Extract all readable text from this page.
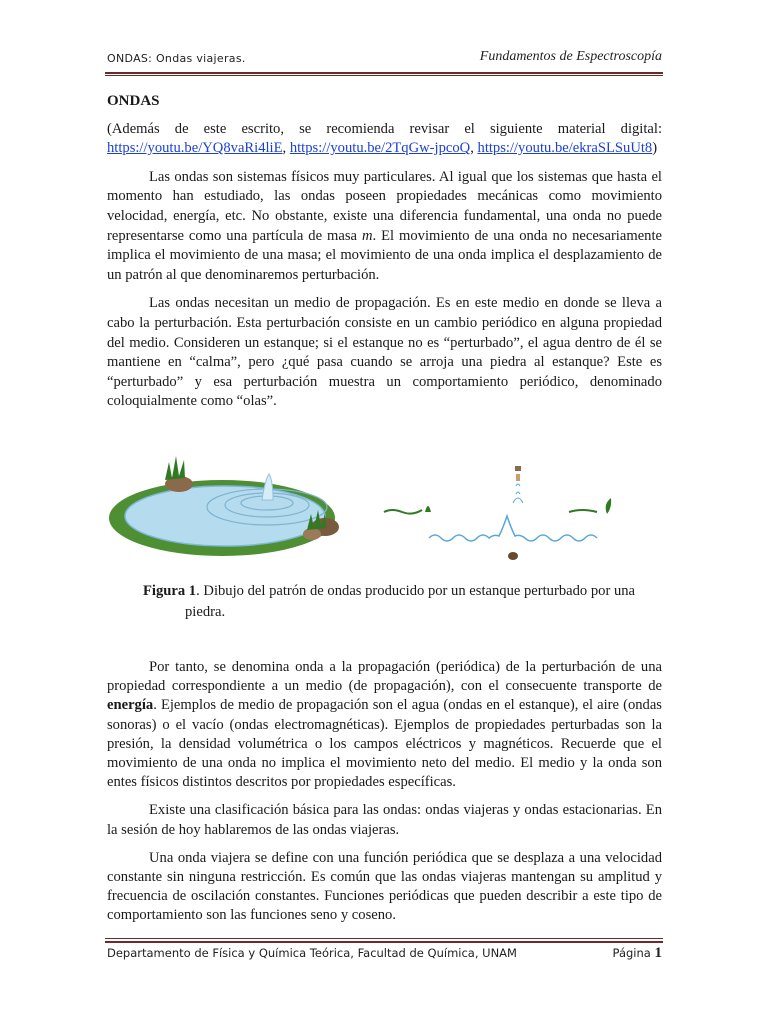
ONDAS: Ondas viajeras.	Fundamentos de Espectroscopía
ONDAS

(Además de este escrito, se recomienda revisar el siguiente material digital: https://youtu.be/YQ8vaRi4liE, https://youtu.be/2TqGw-jpcoQ, https://youtu.be/ekraSLSuUt8)

Las ondas son sistemas físicos muy particulares. Al igual que los sistemas que hasta el momento han estudiado, las ondas poseen propiedades mecánicas como movimiento velocidad, energía, etc. No obstante, existe una diferencia fundamental, una onda no puede representarse como una partícula de masa m. El movimiento de una onda no necesariamente implica el movimiento de una masa; el movimiento de una onda implica el desplazamiento de un patrón al que denominaremos perturbación.

Las ondas necesitan un medio de propagación. Es en este medio en donde se lleva a cabo la perturbación. Esta perturbación consiste en un cambio periódico en alguna propiedad del medio. Consideren un estanque; si el estanque no es “perturbado”, el agua dentro de él se mantiene en “calma”, pero ¿qué pasa cuando se arroja una piedra al estanque? Este es “perturbado” y esa perturbación muestra un comportamiento periódico, denominado coloquialmente como “olas”.

Figura 1. Dibujo del patrón de ondas producido por un estanque perturbado por una
piedra.

Por tanto, se denomina onda a la propagación (periódica) de la perturbación de una propiedad correspondiente a un medio (de propagación), con el consecuente transporte de energía. Ejemplos de medio de propagación son el agua (ondas en el estanque), el aire (ondas sonoras) o el vacío (ondas electromagnéticas). Ejemplos de propiedades perturbadas son la presión, la densidad volumétrica o los campos eléctricos y magnéticos. Recuerde que el movimiento de una onda no implica el movimiento neto del medio. El medio y la onda son entes físicos distintos descritos por propiedades específicas.

Existe una clasificación básica para las ondas: ondas viajeras y ondas estacionarias. En la sesión de hoy hablaremos de las ondas viajeras.

Una onda viajera se define con una función periódica que se desplaza a una velocidad constante sin ninguna restricción. Es común que las ondas viajeras mantengan su amplitud y frecuencia de oscilación constantes. Funciones periódicas que pueden describir a este tipo de comportamiento son las funciones seno y coseno.

Departamento de Física y Química Teórica, Facultad de Química, UNAM	Página 1
